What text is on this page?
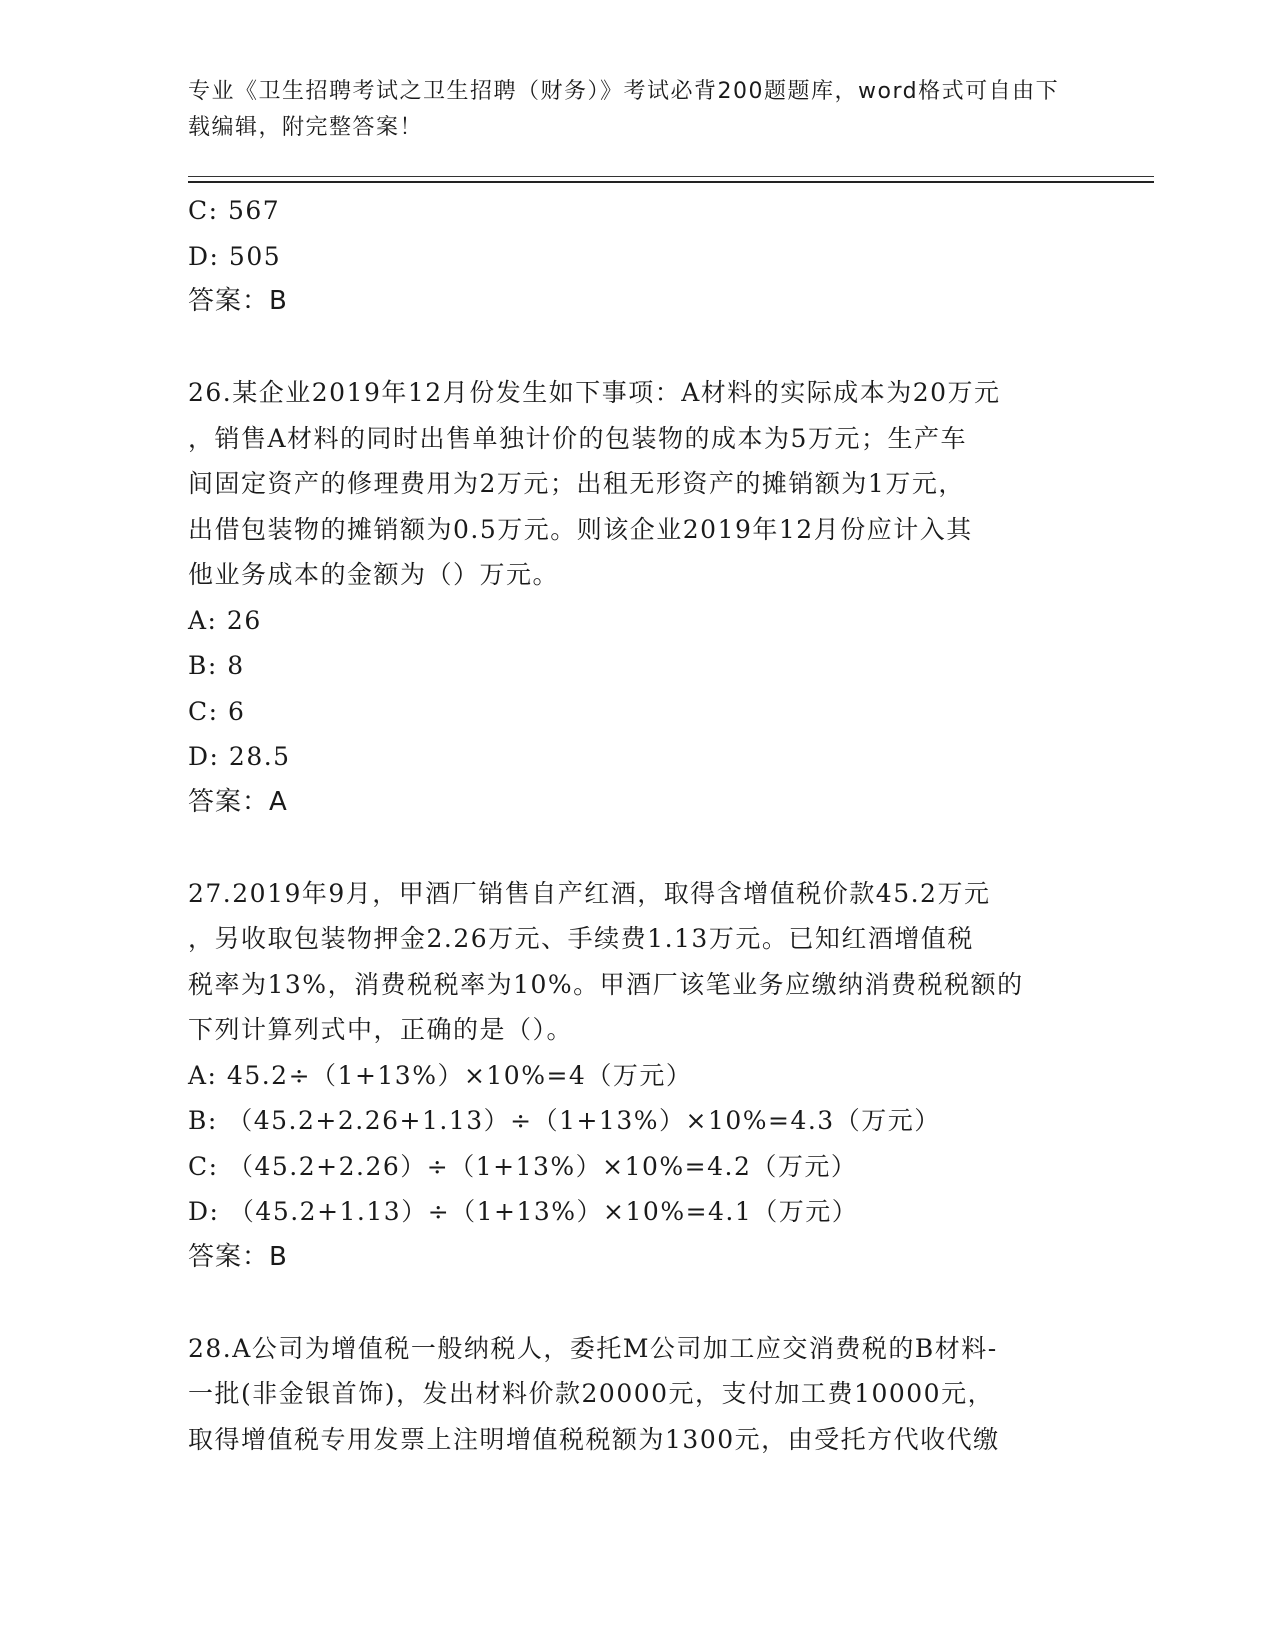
专业《卫生招聘考试之卫生招聘（财务）》考试必背200题题库，word格式可自由下载编辑，附完整答案！
C: 567
D: 505
答案：B
26.某企业2019年12月份发生如下事项：A材料的实际成本为20万元
，销售A材料的同时出售单独计价的包装物的成本为5万元；生产车
间固定资产的修理费用为2万元；出租无形资产的摊销额为1万元，
出借包装物的摊销额为0.5万元。则该企业2019年12月份应计入其
他业务成本的金额为（）万元。
A: 26
B: 8
C: 6
D: 28.5
答案：A
27.2019年9月，甲酒厂销售自产红酒，取得含增值税价款45.2万元
，另收取包装物押金2.26万元、手续费1.13万元。已知红酒增值税
税率为13%，消费税税率为10%。甲酒厂该笔业务应缴纳消费税税额的
下列计算列式中，正确的是（）。
A: 45.2÷（1+13%）×10%=4（万元）
B: （45.2+2.26+1.13）÷（1+13%）×10%=4.3（万元）
C: （45.2+2.26）÷（1+13%）×10%=4.2（万元）
D: （45.2+1.13）÷（1+13%）×10%=4.1（万元）
答案：B
28.A公司为增值税一般纳税人，委托M公司加工应交消费税的B材料-
一批(非金银首饰)，发出材料价款20000元，支付加工费10000元，
取得增值税专用发票上注明增值税税额为1300元，由受托方代收代缴
